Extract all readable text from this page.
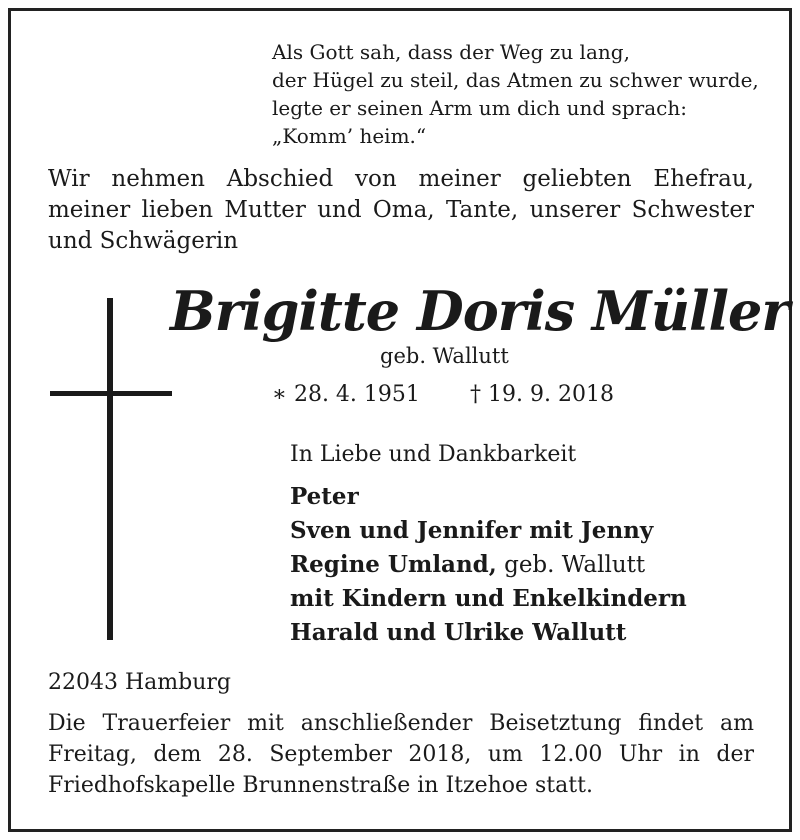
Als Gott sah, dass der Weg zu lang,
der Hügel zu steil, das Atmen zu schwer wurde,
legte er seinen Arm um dich und sprach:
„Komm’ heim.“
Wir nehmen Abschied von meiner geliebten Ehefrau,
meiner lieben Mutter und Oma, Tante, unserer Schwester
und Schwägerin
Brigitte Doris Müller
geb. Wallutt
∗ 28. 4. 1951 † 19. 9. 2018
In Liebe und Dankbarkeit
Peter
Sven und Jennifer mit Jenny
Regine Umland, geb. Wallutt
mit Kindern und Enkelkindern
Harald und Ulrike Wallutt
22043 Hamburg
Die Trauerfeier mit anschließender Beisetztung findet am
Freitag, dem 28. September 2018, um 12.00 Uhr in der
Friedhofskapelle Brunnenstraße in Itzehoe statt.
